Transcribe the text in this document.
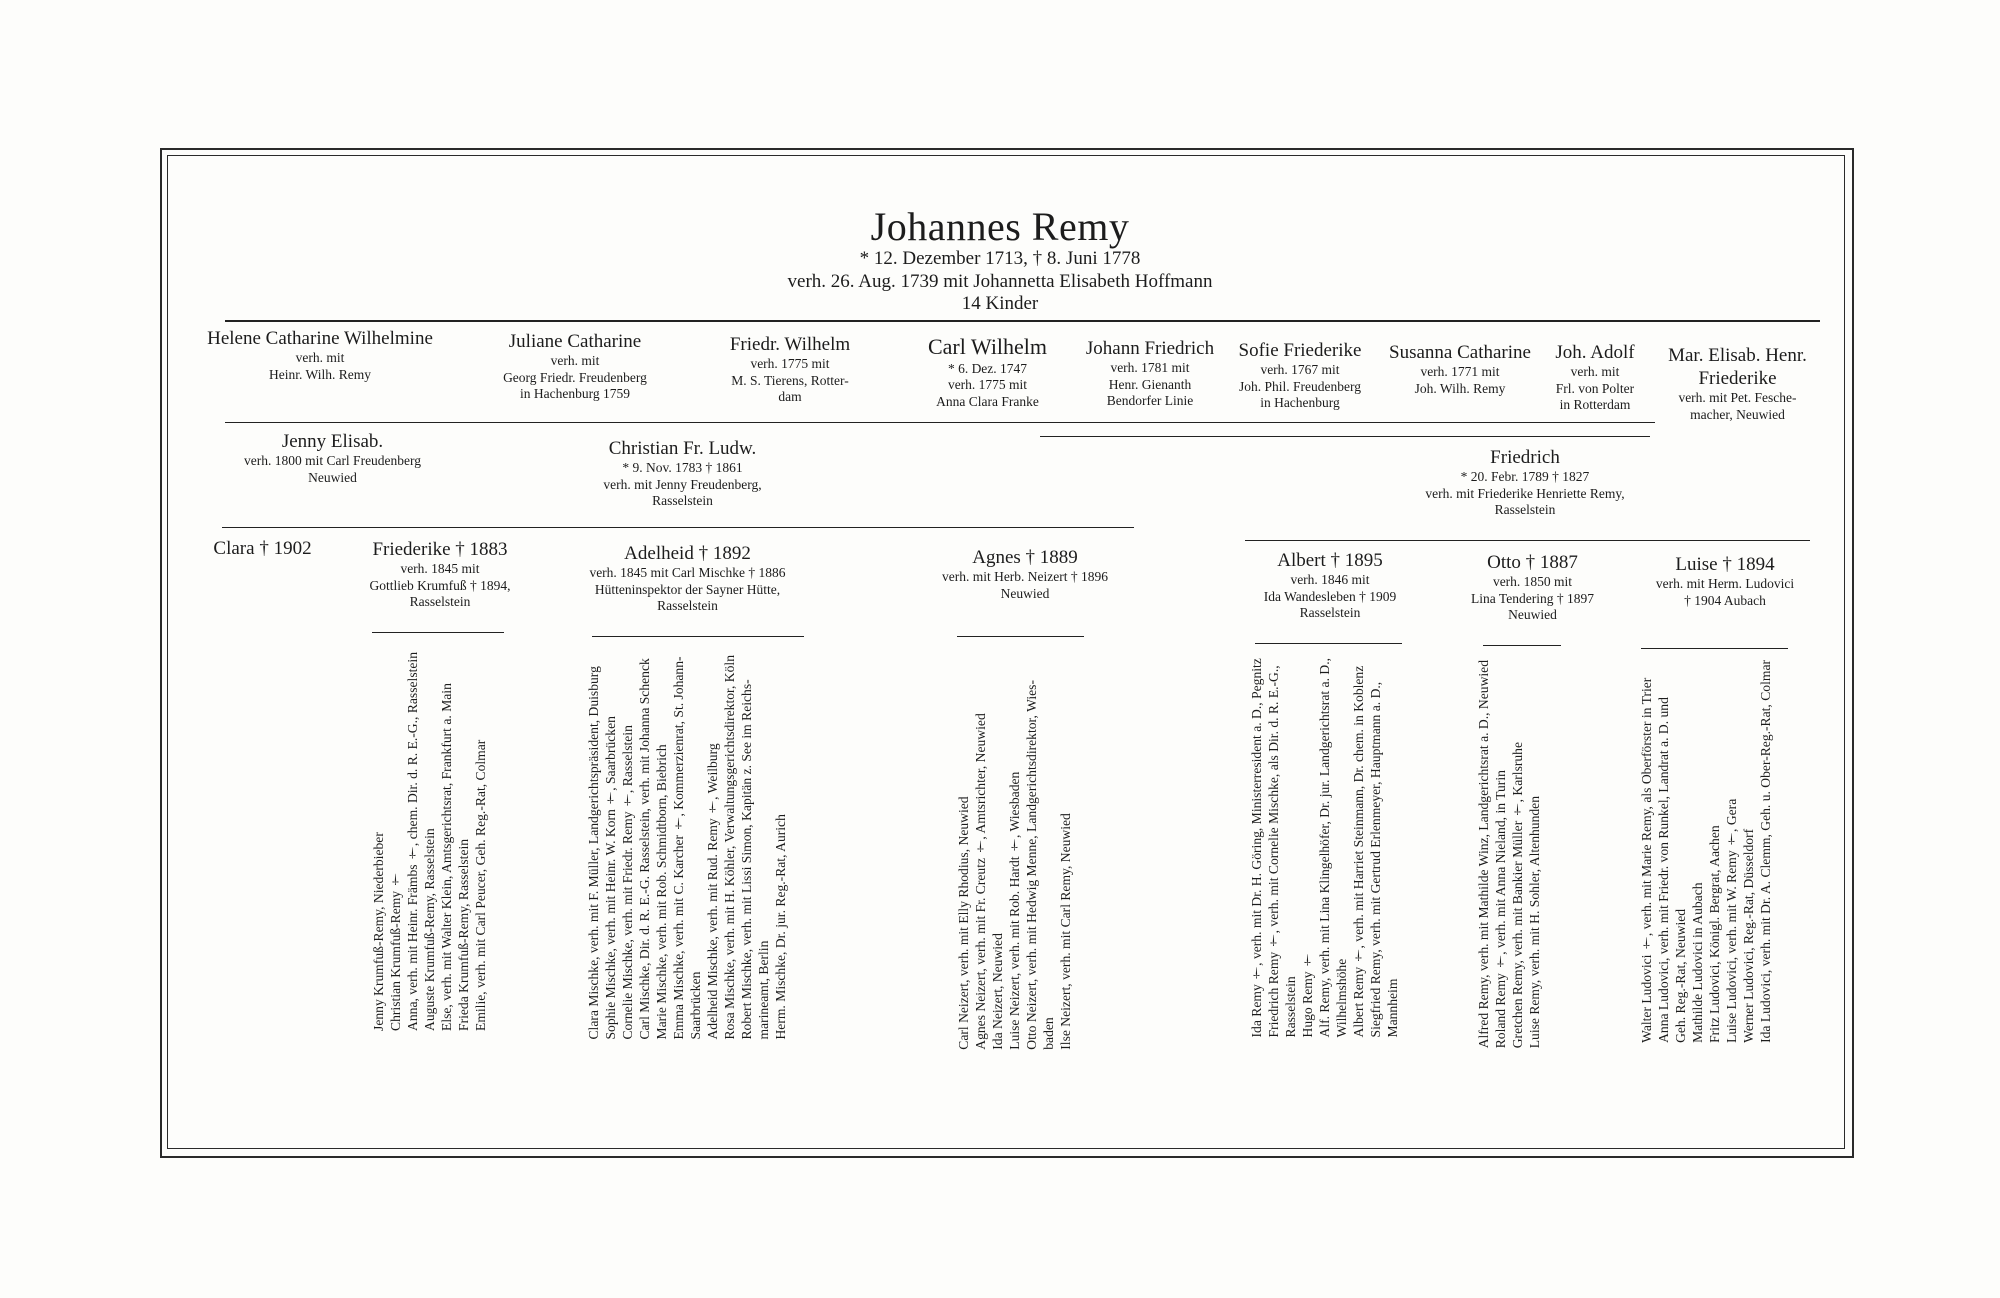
Johannes Remy
* 12. Dezember 1713, † 8. Juni 1778
verh. 26. Aug. 1739 mit Johannetta Elisabeth Hoffmann
14 Kinder
Helene Catharine Wilhelmine
verh. mit
Heinr. Wilh. Remy
Juliane Catharine
verh. mit
Georg Friedr. Freudenberg
in Hachenburg 1759
Friedr. Wilhelm
verh. 1775 mit
M. S. Tierens, Rotter-
dam
Carl Wilhelm
* 6. Dez. 1747
verh. 1775 mit
Anna Clara Franke
Johann Friedrich
verh. 1781 mit
Henr. Gienanth
Bendorfer Linie
Sofie Friederike
verh. 1767 mit
Joh. Phil. Freudenberg
in Hachenburg
Susanna Catharine
verh. 1771 mit
Joh. Wilh. Remy
Joh. Adolf
verh. mit
Frl. von Polter
in Rotterdam
Mar. Elisab. Henr.
Friederike
verh. mit Pet. Fesche-
macher, Neuwied
Jenny Elisab.
verh. 1800 mit Carl Freudenberg
Neuwied
Christian Fr. Ludw.
* 9. Nov. 1783 † 1861
verh. mit Jenny Freudenberg,
Rasselstein
Friedrich
* 20. Febr. 1789 † 1827
verh. mit Friederike Henriette Remy,
Rasselstein
Clara † 1902	Friederike † 1883
verh. 1845 mit
Gottlieb Krumfuß † 1894,
Rasselstein
Adelheid † 1892
verh. 1845 mit Carl Mischke † 1886
Hütteninspektor der Sayner Hütte,
Rasselstein
Agnes † 1889
verh. mit Herb. Neizert † 1896
Neuwied
Albert † 1895
verh. 1846 mit
Ida Wandesleben † 1909
Rasselstein
Otto † 1887
verh. 1850 mit
Lina Tendering † 1897
Neuwied
Luise † 1894
verh. mit Herm. Ludovici
† 1904 Aubach
Jenny Krumfuß-Remy, Niederbieber Christian Krumfuß-Remy † Anna, verh. mit Heinr. Främbs †, chem. Dir. d. R. E.-G., Rasselstein Auguste Krumfuß-Remy, Rasselstein Else, verh. mit Walter Klein, Amtsgerichtsrat, Frankfurt a. Main Frieda Krumfuß-Remy, Rasselstein Emilie, verh. mit Carl Peucer, Geh. Reg.-Rat, Colmar	Clara Mischke, verh. mit F. Müller, Landgerichtspräsident, Duisburg Sophie Mischke, verh. mit Heinr. W. Korn †, Saarbrücken Cornelie Mischke, verh. mit Friedr. Remy †, Rasselstein Carl Mischke, Dir. d. R. E.-G. Rasselstein, verh. mit Johanna Schenck Marie Mischke, verh. mit Rob. Schmidtborn, Biebrich Emma Mischke, verh. mit C. Karcher †, Kommerzienrat, St. Johann- Saarbrücken Adelheid Mischke, verh. mit Rud. Remy †, Weilburg Rosa Mischke, verh. mit H. Köhler, Verwaltungsgerichtsdirektor, Köln Robert Mischke, verh. mit Lissi Simon, Kapitän z. See im Reichs- marineamt, Berlin Herm. Mischke, Dr. jur. Reg.-Rat, Aurich	Carl Neizert, verh. mit Elly Rhodius, Neuwied Agnes Neizert, verh. mit Fr. Creutz †, Amtsrichter, Neuwied Ida Neizert, Neuwied Luise Neizert, verh. mit Rob. Hardt †, Wiesbaden Otto Neizert, verh. mit Hedwig Menne, Landgerichtsdirektor, Wies- baden Ilse Neizert, verh. mit Carl Remy, Neuwied	Ida Remy †, verh. mit Dr. H. Göring, Ministerresident a. D., Pegnitz Friedrich Remy †, verh. mit Cornelie Mischke, als Dir. d. R. E.-G., Rasselstein Hugo Remy † Alf. Remy, verh. mit Lina Klingelhöfer, Dr. jur. Landgerichtsrat a. D., Wilhelmshöhe Albert Remy †, verh. mit Harriet Steinmann, Dr. chem. in Koblenz Siegfried Remy, verh. mit Gertrud Erlenmeyer, Hauptmann a. D., Mannheim	Alfred Remy, verh. mit Mathilde Winz, Landgerichtsrat a. D., Neuwied Roland Remy †, verh. mit Anna Nieland, in Turin Gretchen Remy, verh. mit Bankier Müller †, Karlsruhe Luise Remy, verh. mit H. Sohler, Altenhunden	Walter Ludovici †, verh. mit Marie Remy, als Oberförster in Trier Anna Ludovici, verh. mit Friedr. von Runkel, Landrat a. D. und Geh. Reg.-Rat, Neuwied Mathilde Ludovici in Aubach Fritz Ludovici, Königl. Bergrat, Aachen Luise Ludovici, verh. mit W. Remy †, Gera Werner Ludovici, Reg.-Rat, Düsseldorf Ida Ludovici, verh. mit Dr. A. Clemm, Geh. u. Ober-Reg.-Rat, Colmar
